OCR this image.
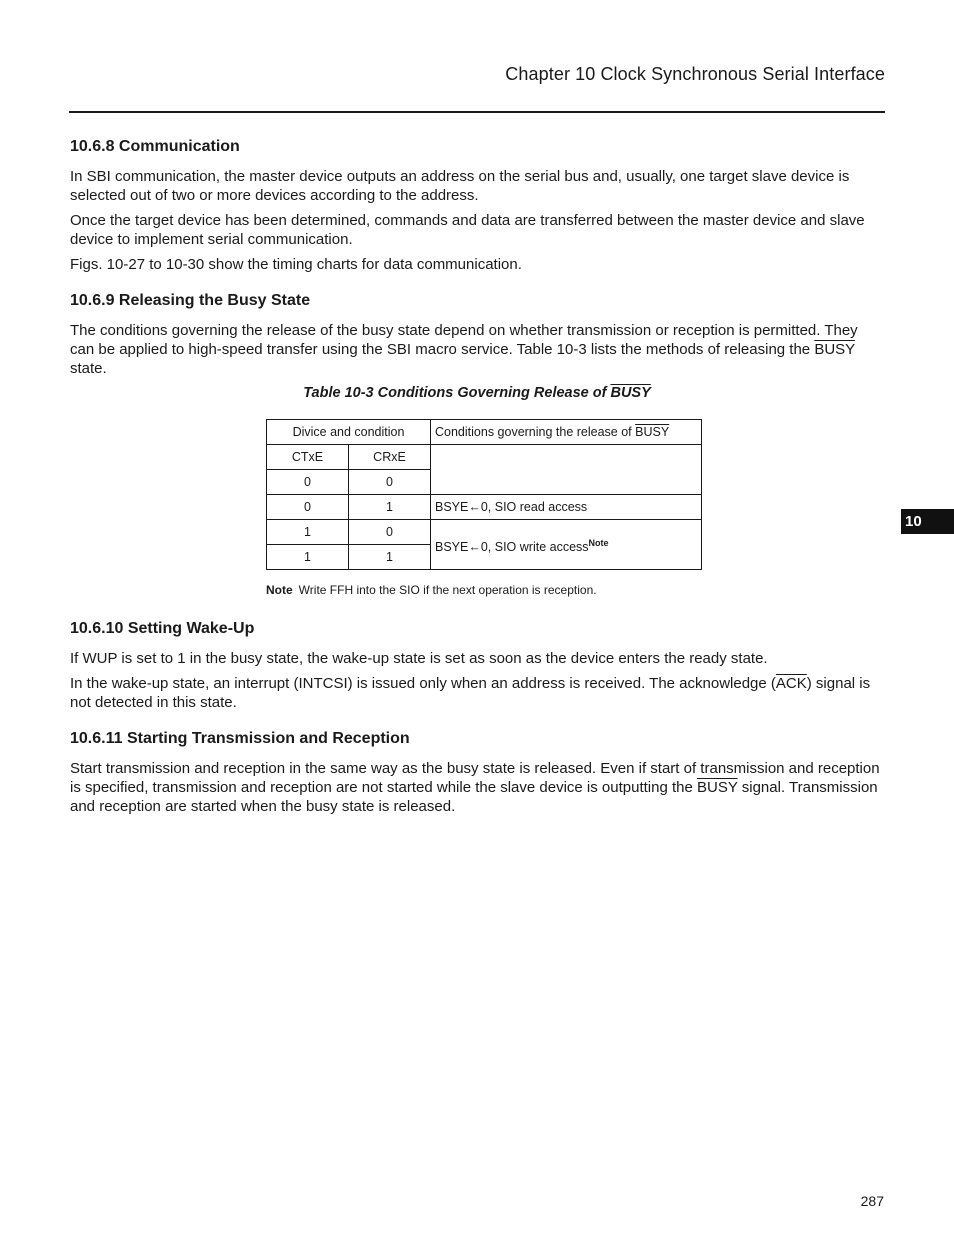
Chapter 10 Clock Synchronous Serial Interface
10.6.8 Communication

In SBI communication, the master device outputs an address on the serial bus and, usually, one target slave device is selected out of two or more devices according to the address.

Once the target device has been determined, commands and data are transferred between the master device and slave device to implement serial communication.

Figs. 10-27 to 10-30 show the timing charts for data communication.

10.6.9 Releasing the Busy State

The conditions governing the release of the busy state depend on whether transmission or reception is permitted. They can be applied to high-speed transfer using the SBI macro service. Table 10-3 lists the methods of releasing the BUSY state.

Table 10-3 Conditions Governing Release of BUSY
Divice and condition		Conditions governing the release of BUSY
CTxE	CRxE	
0	0	
0	1	BSYE←0, SIO read access
1	0	BSYE←0, SIO write access$^{Note}$
1	1	
Note Write FFH into the SIO if the next operation is reception.
10.6.10 Setting Wake-Up

If WUP is set to 1 in the busy state, the wake-up state is set as soon as the device enters the ready state.

In the wake-up state, an interrupt (INTCSI) is issued only when an address is received. The acknowledge $(\overline{ACK})$ signal is not detected in this state.

10.6.11 Starting Transmission and Reception

Start transmission and reception in the same way as the busy state is released. Even if start of transmission and reception is specified, transmission and reception are not started while the slave device is outputting the BUSY signal. Transmission and reception are started when the busy state is released.

10
287
